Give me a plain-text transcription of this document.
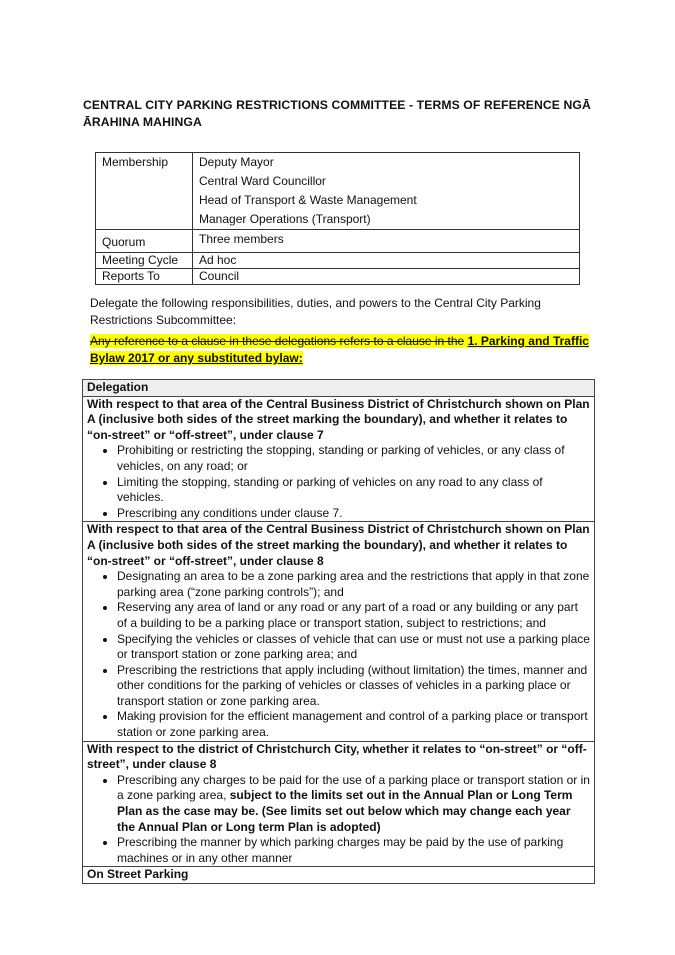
CENTRAL CITY PARKING RESTRICTIONS COMMITTEE - TERMS OF REFERENCE NGĀ ĀRAHINA MAHINGA
Membership	Deputy Mayor
Central Ward Councillor
Head of Transport & Waste Management
Manager Operations (Transport)

Quorum	Three members
Meeting Cycle	Ad hoc
Reports To	Council
Delegate the following responsibilities, duties, and powers to the Central City Parking Restrictions Subcommittee:
Any reference to a clause in these delegations refers to a clause in the 1. Parking and Traffic Bylaw 2017 or any substituted bylaw:
Delegation
With respect to that area of the Central Business District of Christchurch shown on Plan A (inclusive both sides of the street marking the boundary), and whether it relates to “on-street” or “off-street”, under clause 7
• Prohibiting or restricting the stopping, standing or parking of vehicles, or any class of vehicles, on any road; or
• Limiting the stopping, standing or parking of vehicles on any road to any class of vehicles.
• Prescribing any conditions under clause 7.
With respect to that area of the Central Business District of Christchurch shown on Plan A (inclusive both sides of the street marking the boundary), and whether it relates to “on-street” or “off-street”, under clause 8
• Designating an area to be a zone parking area and the restrictions that apply in that zone parking area (“zone parking controls”); and
• Reserving any area of land or any road or any part of a road or any building or any part of a building to be a parking place or transport station, subject to restrictions; and
• Specifying the vehicles or classes of vehicle that can use or must not use a parking place or transport station or zone parking area; and
• Prescribing the restrictions that apply including (without limitation) the times, manner and other conditions for the parking of vehicles or classes of vehicles in a parking place or transport station or zone parking area.
• Making provision for the efficient management and control of a parking place or transport station or zone parking area.
With respect to the district of Christchurch City, whether it relates to “on-street” or “off-street”, under clause 8
• Prescribing any charges to be paid for the use of a parking place or transport station or in a zone parking area, subject to the limits set out in the Annual Plan or Long Term Plan as the case may be. (See limits set out below which may change each year the Annual Plan or Long term Plan is adopted)
• Prescribing the manner by which parking charges may be paid by the use of parking machines or in any other manner
On Street Parking
